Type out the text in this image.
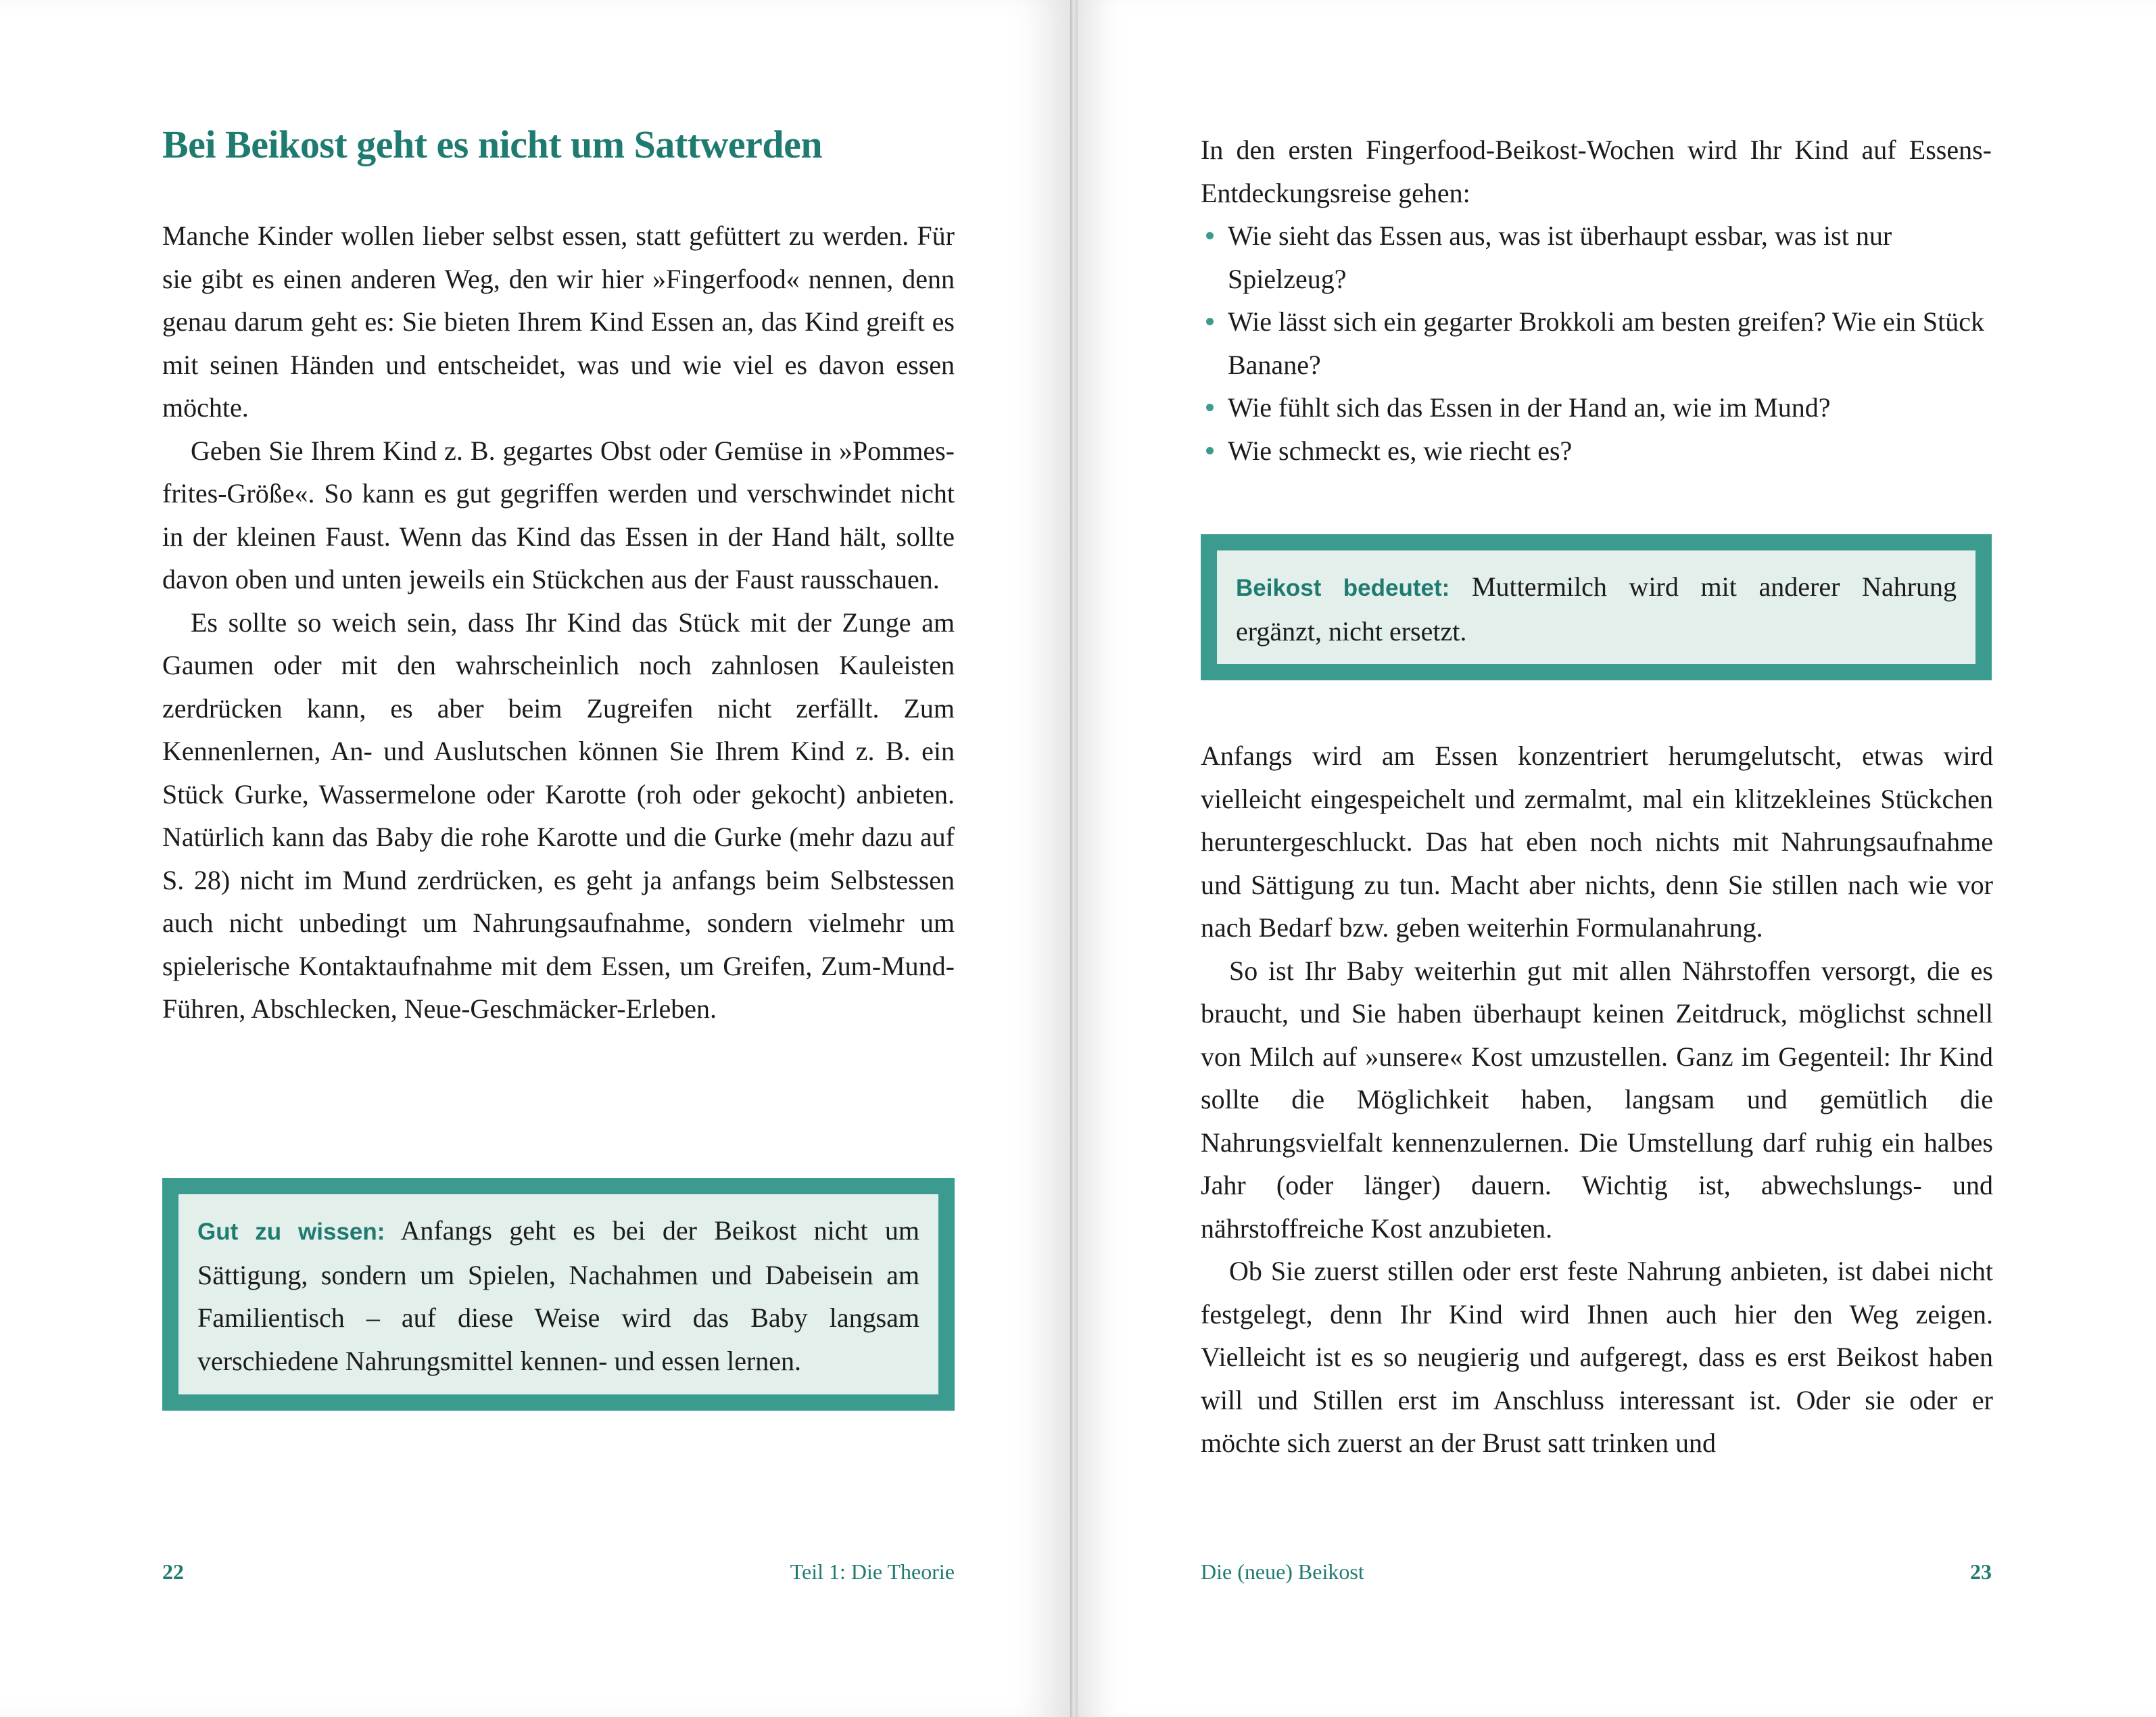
Bei Beikost geht es nicht um Sattwerden

Manche Kinder wollen lieber selbst essen, statt gefüttert zu werden. Für sie gibt es einen anderen Weg, den wir hier »Fingerfood« nennen, denn genau darum geht es: Sie bieten Ihrem Kind Essen an, das Kind greift es mit seinen Händen und entscheidet, was und wie viel es davon essen möchte.

Geben Sie Ihrem Kind z. B. gegartes Obst oder Gemüse in »Pommes-frites-Größe«. So kann es gut gegriffen werden und verschwindet nicht in der kleinen Faust. Wenn das Kind das Essen in der Hand hält, sollte davon oben und unten jeweils ein Stückchen aus der Faust rausschauen.

Es sollte so weich sein, dass Ihr Kind das Stück mit der Zunge am Gaumen oder mit den wahrscheinlich noch zahnlosen Kauleisten zerdrücken kann, es aber beim Zugreifen nicht zerfällt. Zum Kennenlernen, An- und Auslutschen können Sie Ihrem Kind z. B. ein Stück Gurke, Wassermelone oder Karotte (roh oder gekocht) anbieten. Natürlich kann das Baby die rohe Karotte und die Gurke (mehr dazu auf S. 28) nicht im Mund zerdrücken, es geht ja anfangs beim Selbstessen auch nicht unbedingt um Nahrungsaufnahme, sondern vielmehr um spielerische Kontaktaufnahme mit dem Essen, um Greifen, Zum-Mund-Führen, Abschlecken, Neue-Geschmäcker-Erleben.

Gut zu wissen: Anfangs geht es bei der Beikost nicht um Sättigung, sondern um Spielen, Nachahmen und Dabeisein am Familientisch – auf diese Weise wird das Baby langsam verschiedene Nahrungsmittel kennen- und essen lernen.
22	Teil 1: Die Theorie

In den ersten Fingerfood-Beikost-Wochen wird Ihr Kind auf Essens-Entdeckungsreise gehen:

Wie sieht das Essen aus, was ist überhaupt essbar, was ist nur Spielzeug?
Wie lässt sich ein gegarter Brokkoli am besten greifen? Wie ein Stück Banane?
Wie fühlt sich das Essen in der Hand an, wie im Mund?
Wie schmeckt es, wie riecht es?
Beikost bedeutet: Muttermilch wird mit anderer Nahrung ergänzt, nicht ersetzt.

Anfangs wird am Essen konzentriert herumgelutscht, etwas wird vielleicht eingespeichelt und zermalmt, mal ein klitzekleines Stückchen heruntergeschluckt. Das hat eben noch nichts mit Nahrungsaufnahme und Sättigung zu tun. Macht aber nichts, denn Sie stillen nach wie vor nach Bedarf bzw. geben weiterhin Formulanahrung.

So ist Ihr Baby weiterhin gut mit allen Nährstoffen versorgt, die es braucht, und Sie haben überhaupt keinen Zeitdruck, möglichst schnell von Milch auf »unsere« Kost umzustellen. Ganz im Gegenteil: Ihr Kind sollte die Möglichkeit haben, langsam und gemütlich die Nahrungsvielfalt kennenzulernen. Die Umstellung darf ruhig ein halbes Jahr (oder länger) dauern. Wichtig ist, abwechslungs- und nährstoffreiche Kost anzubieten.

Ob Sie zuerst stillen oder erst feste Nahrung anbieten, ist dabei nicht festgelegt, denn Ihr Kind wird Ihnen auch hier den Weg zeigen. Vielleicht ist es so neugierig und aufgeregt, dass es erst Beikost haben will und Stillen erst im Anschluss interessant ist. Oder sie oder er möchte sich zuerst an der Brust satt trinken und

Die (neue) Beikost	23
